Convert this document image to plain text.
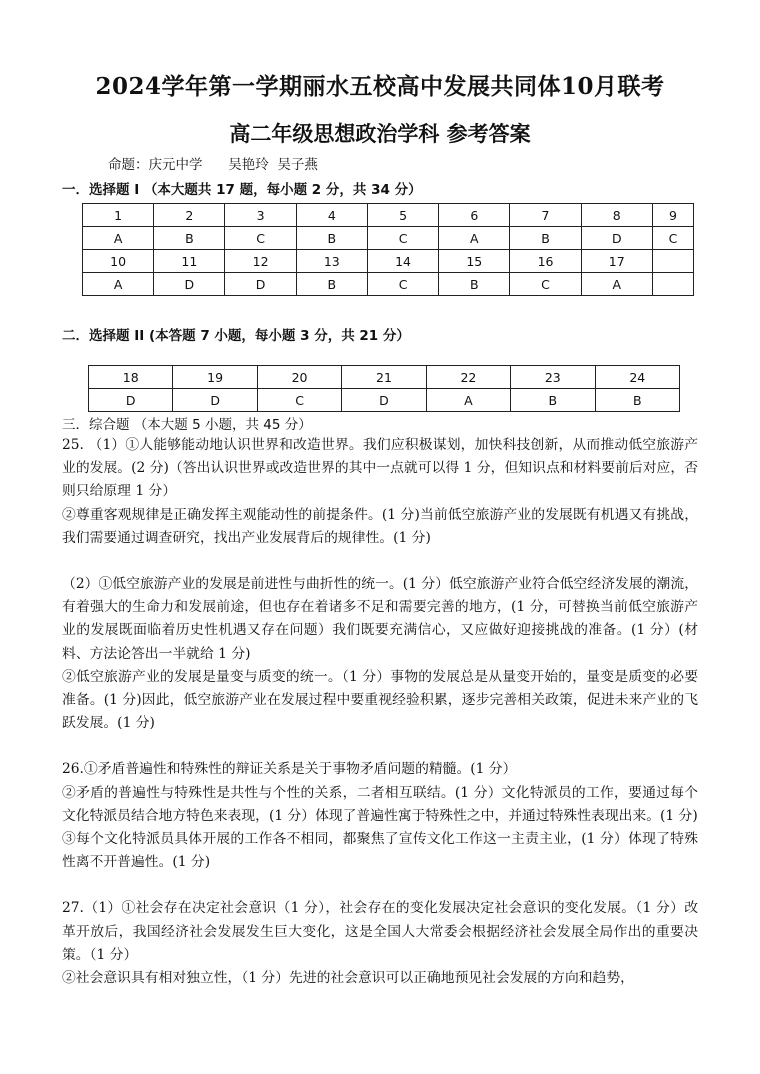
2024学年第一学期丽水五校高中发展共同体10月联考
高二年级思想政治学科 参考答案
命题：庆元中学      吴艳玲  吴子燕
一．选择题 I （本大题共 17 题，每小题 2 分，共 34 分）
1	2	3	4	5	6	7	8	9
A	B	C	B	C	A	B	D	C
10	11	12	13	14	15	16	17	
A	D	D	B	C	B	C	A	
二．选择题 II (本答题 7 小题，每小题 3 分，共 21 分）
18	19	20	21	22	23	24
D	D	C	D	A	B	B
三．综合题 （本大题 5 小题，共 45 分）

25. （1）①人能够能动地认识世界和改造世界。我们应积极谋划，加快科技创新，从而推动低空旅游产业的发展。(2 分)（答出认识世界或改造世界的其中一点就可以得 1 分，但知识点和材料要前后对应，否则只给原理 1 分）

②尊重客观规律是正确发挥主观能动性的前提条件。(1 分)当前低空旅游产业的发展既有机遇又有挑战，我们需要通过调查研究，找出产业发展背后的规律性。(1 分)

（2）①低空旅游产业的发展是前进性与曲折性的统一。(1 分）低空旅游产业符合低空经济发展的潮流，有着强大的生命力和发展前途，但也存在着诸多不足和需要完善的地方，(1 分，可替换当前低空旅游产业的发展既面临着历史性机遇又存在问题）我们既要充满信心，又应做好迎接挑战的准备。(1 分）(材料、方法论答出一半就给 1 分)

②低空旅游产业的发展是量变与质变的统一。（1 分）事物的发展总是从量变开始的，量变是质变的必要准备。(1 分)因此，低空旅游产业在发展过程中要重视经验积累，逐步完善相关政策，促进未来产业的飞跃发展。(1 分)

26.①矛盾普遍性和特殊性的辩证关系是关于事物矛盾问题的精髓。(1 分）

②矛盾的普遍性与特殊性是共性与个性的关系，二者相互联结。(1 分）文化特派员的工作，要通过每个文化特派员结合地方特色来表现，(1 分）体现了普遍性寓于特殊性之中，并通过特殊性表现出来。(1 分)

③每个文化特派员具体开展的工作各不相同，都聚焦了宣传文化工作这一主责主业，(1 分）体现了特殊性离不开普遍性。(1 分)

27.（1）①社会存在决定社会意识（1 分），社会存在的变化发展决定社会意识的变化发展。（1 分）改革开放后，我国经济社会发展发生巨大变化，这是全国人大常委会根据经济社会发展全局作出的重要决策。（1 分）

②社会意识具有相对独立性，（1 分）先进的社会意识可以正确地预见社会发展的方向和趋势，
